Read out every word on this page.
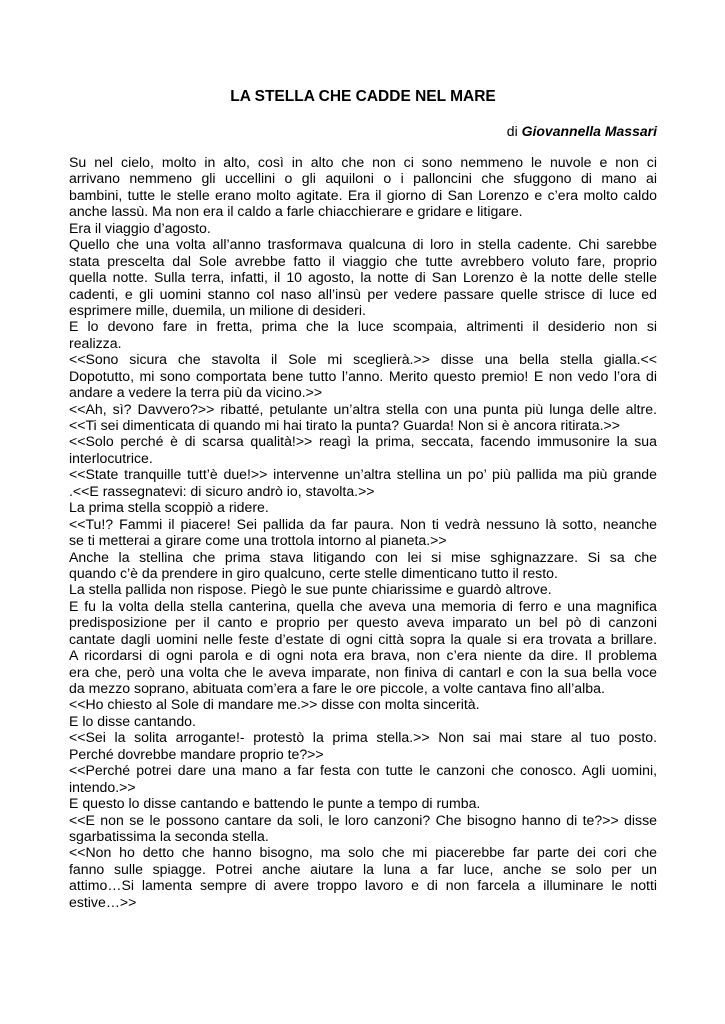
LA STELLA CHE CADDE NEL MARE
di Giovannella Massari
Su nel cielo, molto in alto, così in alto che non ci sono nemmeno le nuvole e non ci
arrivano nemmeno gli uccellini o gli aquiloni o i palloncini che sfuggono di mano ai
bambini, tutte le stelle erano molto agitate. Era il giorno di San Lorenzo e c’era molto caldo
anche lassù. Ma non era il caldo a farle chiacchierare e gridare e litigare.
Era il viaggio d’agosto.
Quello che una volta all’anno trasformava qualcuna di loro in stella cadente. Chi sarebbe
stata prescelta dal Sole avrebbe fatto il viaggio che tutte avrebbero voluto fare, proprio
quella notte. Sulla terra, infatti, il 10 agosto, la notte di San Lorenzo è la notte delle stelle
cadenti, e gli uomini stanno col naso all’insù per vedere passare quelle strisce di luce ed
esprimere mille, duemila, un milione di desideri.
E lo devono fare in fretta, prima che la luce scompaia, altrimenti il desiderio non si
realizza.
<<Sono sicura che stavolta il Sole mi sceglierà.>> disse una bella stella gialla.<<
Dopotutto, mi sono comportata bene tutto l’anno. Merito questo premio! E non vedo l’ora di
andare a vedere la terra più da vicino.>>
<<Ah, sì? Davvero?>> ribatté, petulante un’altra stella con una punta più lunga delle altre.
<<Ti sei dimenticata di quando mi hai tirato la punta? Guarda! Non si è ancora ritirata.>>
<<Solo perché è di scarsa qualità!>> reagì la prima, seccata, facendo immusonire la sua
interlocutrice.
<<State tranquille tutt’è due!>> intervenne un’altra stellina un po’ più pallida ma più grande
.<<E rassegnatevi: di sicuro andrò io, stavolta.>>
La prima stella scoppiò a ridere.
<<Tu!? Fammi il piacere! Sei pallida da far paura. Non ti vedrà nessuno là sotto, neanche
se ti metterai a girare come una trottola intorno al pianeta.>>
Anche la stellina che prima stava litigando con lei si mise sghignazzare. Si sa che
quando c’è da prendere in giro qualcuno, certe stelle dimenticano tutto il resto.
La stella pallida non rispose. Piegò le sue punte chiarissime e guardò altrove.
E fu la volta della stella canterina, quella che aveva una memoria di ferro e una magnifica
predisposizione per il canto e proprio per questo aveva imparato un bel pò di canzoni
cantate dagli uomini nelle feste d’estate di ogni città sopra la quale si era trovata a brillare.
A ricordarsi di ogni parola e di ogni nota era brava, non c’era niente da dire. Il problema
era che, però una volta che le aveva imparate, non finiva di cantarl e con la sua bella voce
da mezzo soprano, abituata com’era a fare le ore piccole, a volte cantava fino all’alba.
<<Ho chiesto al Sole di mandare me.>> disse con molta sincerità.
E lo disse cantando.
<<Sei la solita arrogante!- protestò la prima stella.>> Non sai mai stare al tuo posto.
Perché dovrebbe mandare proprio te?>>
<<Perché potrei dare una mano a far festa con tutte le canzoni che conosco. Agli uomini,
intendo.>>
E questo lo disse cantando e battendo le punte a tempo di rumba.
<<E non se le possono cantare da soli, le loro canzoni? Che bisogno hanno di te?>> disse
sgarbatissima la seconda stella.
<<Non ho detto che hanno bisogno, ma solo che mi piacerebbe far parte dei cori che
fanno sulle spiagge. Potrei anche aiutare la luna a far luce, anche se solo per un
attimo…Si lamenta sempre di avere troppo lavoro e di non farcela a illuminare le notti
estive…>>
